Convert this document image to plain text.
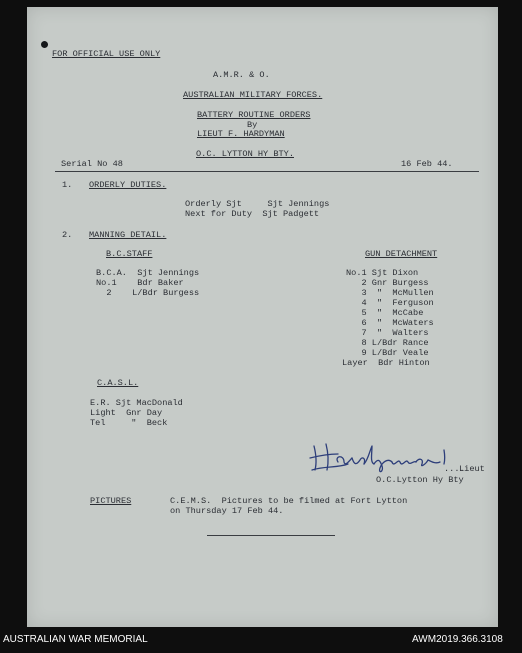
FOR OFFICIAL USE ONLY
A.M.R. & O.
AUSTRALIAN MILITARY FORCES.
BATTERY ROUTINE ORDERS
By
LIEUT F. HARDYMAN
O.C. LYTTON HY BTY.
Serial No 48	16 Feb 44.
1. ORDERLY DUTIES.
Orderly Sjt     Sjt Jennings
Next for Duty  Sjt Padgett
2. MANNING DETAIL.
B.C.STAFF
B.C.A.  Sjt Jennings
No.1    Bdr Baker
2    L/Bdr Burgess
GUN DETACHMENT
No.1 Sjt Dixon
2 Gnr Burgess
3  "  McMullen
4  "  Ferguson
5  "  McCabe
6  "  McWaters
7  "  Walters
8 L/Bdr Rance
9 L/Bdr Veale
Layer  Bdr Hinton
C.A.S.L.
E.R. Sjt MacDonald
Light  Gnr Day
Tel     "  Beck
....
Lieut
O.C.Lytton Hy Bty
PICTURES	C.E.M.S.  Pictures to be filmed at Fort Lytton
on Thursday 17 Feb 44.
AUSTRALIAN WAR MEMORIAL	AWM2019.366.3108
